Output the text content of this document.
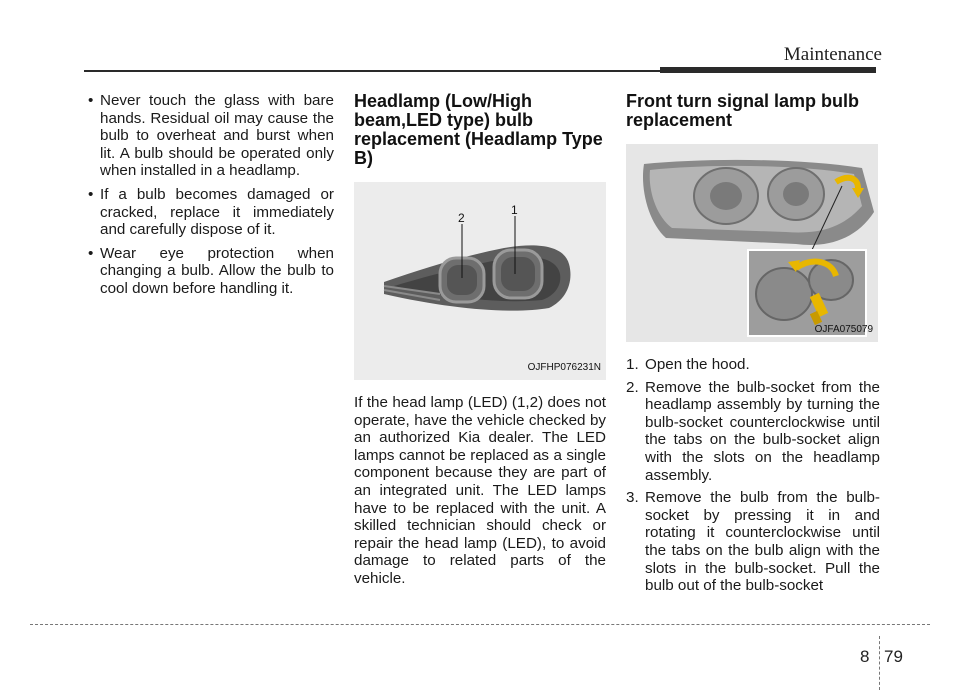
Maintenance
• Never touch the glass with bare hands. Residual oil may cause the bulb to overheat and burst when lit. A bulb should be operated only when installed in a headlamp.
• If a bulb becomes damaged or cracked, replace it immediately and carefully dispose of it.
• Wear eye protection when changing a bulb. Allow the bulb to cool down before handling it.
Headlamp (Low/High beam,LED type) bulb replacement (Headlamp Type B)
2
1
OJFHP076231N

If the head lamp (LED) (1,2) does not operate, have the vehicle checked by an authorized Kia dealer. The LED lamps cannot be replaced as a single component because they are part of an integrated unit. The LED lamps have to be replaced with the unit. A skilled technician should check or repair the head lamp (LED), to avoid damage to related parts of the vehicle.

Front turn signal lamp bulb replacement
OJFA075079
1. Open the hood.
2. Remove the bulb-socket from the headlamp assembly by turning the bulb-socket counterclockwise until the tabs on the bulb-socket align with the slots on the headlamp assembly.
3. Remove the bulb from the bulb-socket by pressing it in and rotating it counterclockwise until the tabs on the bulb align with the slots in the bulb-socket. Pull the bulb out of the bulb-socket
8 79
